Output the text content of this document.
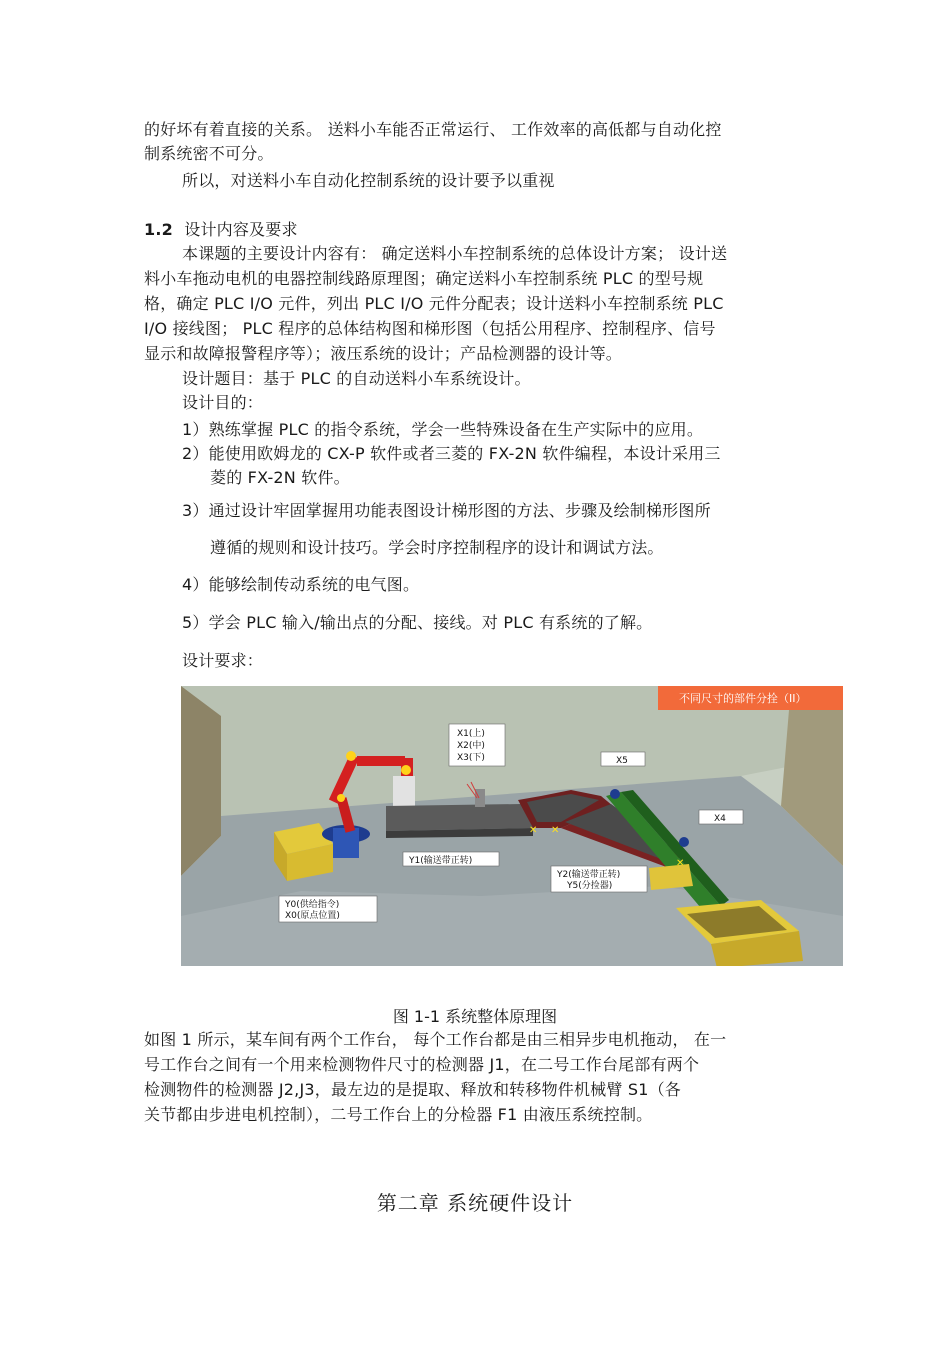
的好坏有着直接的关系。 送料小车能否正常运行、 工作效率的高低都与自动化控
制系统密不可分。
所以，对送料小车自动化控制系统的设计要予以重视
1.2 设计内容及要求
本课题的主要设计内容有： 确定送料小车控制系统的总体设计方案； 设计送
料小车拖动电机的电器控制线路原理图；确定送料小车控制系统 PLC 的型号规
格，确定 PLC I/O 元件，列出 PLC I/O 元件分配表；设计送料小车控制系统 PLC
I/O 接线图； PLC 程序的总体结构图和梯形图（包括公用程序、控制程序、信号
显示和故障报警程序等）；液压系统的设计；产品检测器的设计等。
设计题目：基于 PLC 的自动送料小车系统设计。
设计目的：
1）熟练掌握 PLC 的指令系统，学会一些特殊设备在生产实际中的应用。
2）能使用欧姆龙的 CX-P 软件或者三菱的 FX-2N 软件编程，本设计采用三
菱的 FX-2N 软件。
3）通过设计牢固掌握用功能表图设计梯形图的方法、步骤及绘制梯形图所
遵循的规则和设计技巧。学会时序控制程序的设计和调试方法。
4）能够绘制传动系统的电气图。
5）学会 PLC 输入/输出点的分配、接线。对 PLC 有系统的了解。
设计要求：
✕ ✕
✕
不同尺寸的部件分拴（II）
X1(上)
X2(中)
X3(下)	X5
X4
Y1(输送带正转)
Y2(输送带正转)
Y5(分捡器)
Y0(供给指令)
X0(原点位置)
图 1-1 系统整体原理图
如图 1 所示，某车间有两个工作台， 每个工作台都是由三相异步电机拖动， 在一
号工作台之间有一个用来检测物件尺寸的检测器 J1，在二号工作台尾部有两个
检测物件的检测器 J2,J3，最左边的是提取、释放和转移物件机械臂 S1（各
关节都由步进电机控制），二号工作台上的分检器 F1 由液压系统控制。
第二章 系统硬件设计
